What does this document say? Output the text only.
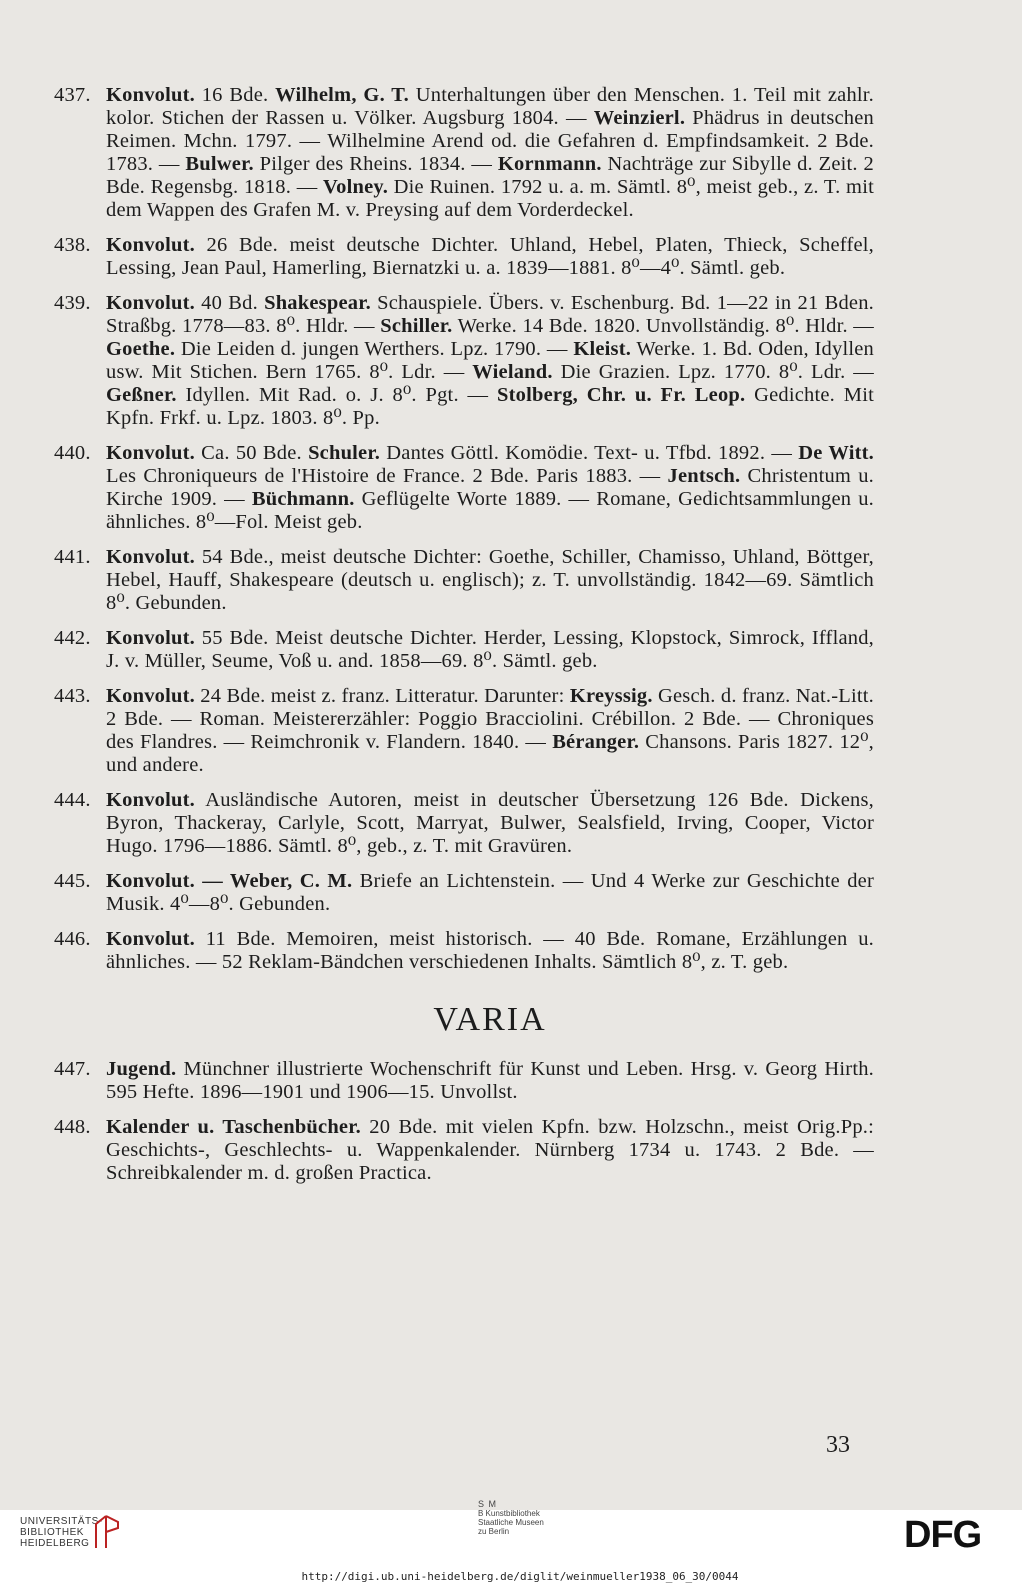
437. Konvolut. 16 Bde. Wilhelm, G. T. Unterhaltungen über den Menschen. 1. Teil mit zahlr. kolor. Stichen der Rassen u. Völker. Augsburg 1804. — Weinzierl. Phädrus in deutschen Reimen. Mchn. 1797. — Wilhelmine Arend od. die Gefahren d. Empfindsamkeit. 2 Bde. 1783. — Bulwer. Pilger des Rheins. 1834. — Kornmann. Nachträge zur Sibylle d. Zeit. 2 Bde. Regensbg. 1818. — Volney. Die Ruinen. 1792 u. a. m. Sämtl. 8⁰, meist geb., z. T. mit dem Wappen des Grafen M. v. Preysing auf dem Vorderdeckel.
438. Konvolut. 26 Bde. meist deutsche Dichter. Uhland, Hebel, Platen, Thieck, Scheffel, Lessing, Jean Paul, Hamerling, Biernatzki u. a. 1839—1881. 8⁰—4⁰. Sämtl. geb.
439. Konvolut. 40 Bd. Shakespear. Schauspiele. Übers. v. Eschenburg. Bd. 1—22 in 21 Bden. Straßbg. 1778—83. 8⁰. Hldr. — Schiller. Werke. 14 Bde. 1820. Unvollständig. 8⁰. Hldr. — Goethe. Die Leiden d. jungen Werthers. Lpz. 1790. — Kleist. Werke. 1. Bd. Oden, Idyllen usw. Mit Stichen. Bern 1765. 8⁰. Ldr. — Wieland. Die Grazien. Lpz. 1770. 8⁰. Ldr. — Geßner. Idyllen. Mit Rad. o. J. 8⁰. Pgt. — Stolberg, Chr. u. Fr. Leop. Gedichte. Mit Kpfn. Frkf. u. Lpz. 1803. 8⁰. Pp.
440. Konvolut. Ca. 50 Bde. Schuler. Dantes Göttl. Komödie. Text- u. Tfbd. 1892. — De Witt. Les Chroniqueurs de l'Histoire de France. 2 Bde. Paris 1883. — Jentsch. Christentum u. Kirche 1909. — Büchmann. Geflügelte Worte 1889. — Romane, Gedichtsammlungen u. ähnliches. 8⁰—Fol. Meist geb.
441. Konvolut. 54 Bde., meist deutsche Dichter: Goethe, Schiller, Chamisso, Uhland, Böttger, Hebel, Hauff, Shakespeare (deutsch u. englisch); z. T. unvollständig. 1842—69. Sämtlich 8⁰. Gebunden.
442. Konvolut. 55 Bde. Meist deutsche Dichter. Herder, Lessing, Klopstock, Simrock, Iffland, J. v. Müller, Seume, Voß u. and. 1858—69. 8⁰. Sämtl. geb.
443. Konvolut. 24 Bde. meist z. franz. Litteratur. Darunter: Kreyssig. Gesch. d. franz. Nat.-Litt. 2 Bde. — Roman. Meistererzähler: Poggio Bracciolini. Crébillon. 2 Bde. — Chroniques des Flandres. — Reimchronik v. Flandern. 1840. — Béranger. Chansons. Paris 1827. 12⁰, und andere.
444. Konvolut. Ausländische Autoren, meist in deutscher Übersetzung 126 Bde. Dickens, Byron, Thackeray, Carlyle, Scott, Marryat, Bulwer, Sealsfield, Irving, Cooper, Victor Hugo. 1796—1886. Sämtl. 8⁰, geb., z. T. mit Gravüren.
445. Konvolut. — Weber, C. M. Briefe an Lichtenstein. — Und 4 Werke zur Geschichte der Musik. 4⁰—8⁰. Gebunden.
446. Konvolut. 11 Bde. Memoiren, meist historisch. — 40 Bde. Romane, Erzählungen u. ähnliches. — 52 Reklam-Bändchen verschiedenen Inhalts. Sämtlich 8⁰, z. T. geb.
VARIA
447. Jugend. Münchner illustrierte Wochenschrift für Kunst und Leben. Hrsg. v. Georg Hirth. 595 Hefte. 1896—1901 und 1906—15. Unvollst.
448. Kalender u. Taschenbücher. 20 Bde. mit vielen Kpfn. bzw. Holzschn., meist Orig.Pp.: Geschichts-, Geschlechts- u. Wappenkalender. Nürnberg 1734 u. 1743. 2 Bde. — Schreibkalender m. d. großen Practica.
33
UNIVERSITÄTS-
BIBLIOTHEK
HEIDELBERG
S M
B Kunstbibliothek
Staatliche Museen
zu Berlin	DFG
http://digi.ub.uni-heidelberg.de/diglit/weinmueller1938_06_30/0044
